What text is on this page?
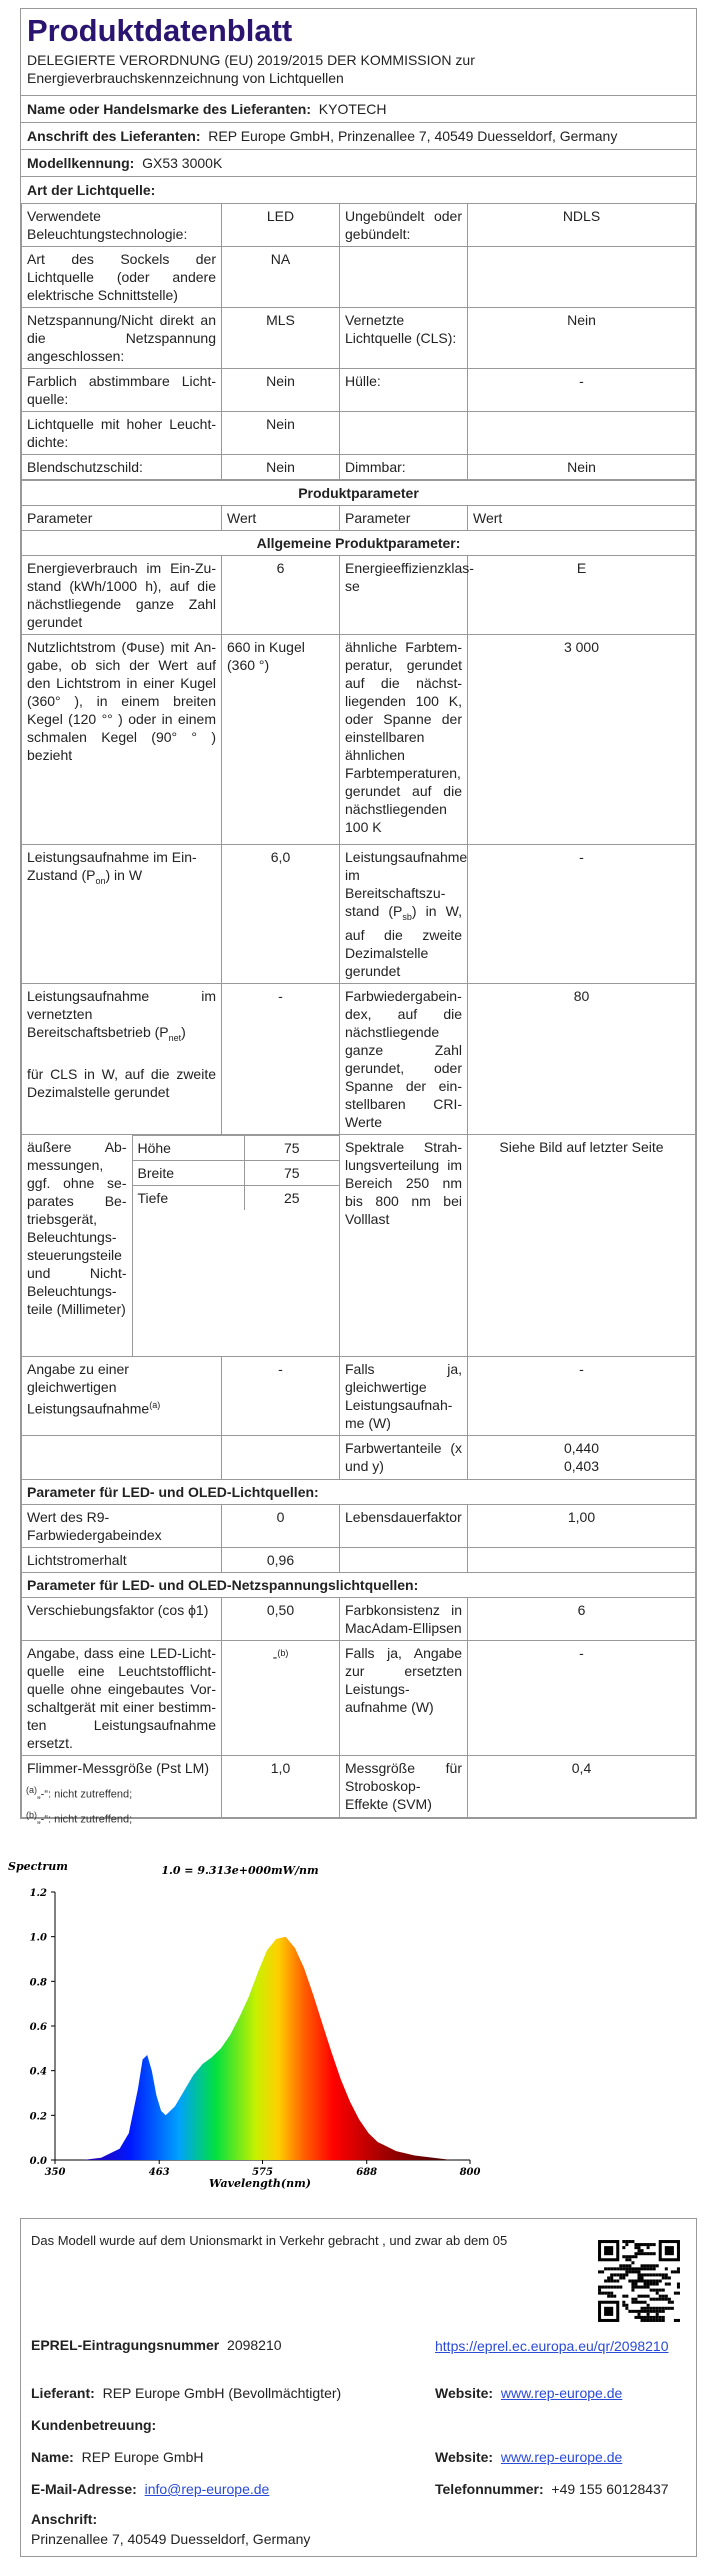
Produktdatenblatt
DELEGIERTE VERORDNUNG (EU) 2019/2015 DER KOMMISSION zur Energieverbrauchskennzeichnung von Lichtquellen
Name oder Handelsmarke des Lieferanten: KYOTECH
Anschrift des Lieferanten: REP Europe GmbH, Prinzenallee 7, 40549 Duesseldorf, Germany
Modellkennung: GX53 3000K
Art der Lichtquelle:
Verwendete Beleuchtungstechnologie:	LED	Ungebündelt oder gebündelt:	NDLS
Art des Sockels der Lichtquelle (oder andere elektrische Schnittstelle)	NA		
Netzspannung/Nicht direkt an die Netzspannung angeschlossen:	MLS	Vernetzte Lichtquelle (CLS):	Nein
Farblich abstimmbare Lichtquelle:	Nein	Hülle:	-
Lichtquelle mit hoher Leuchtdichte:	Nein		
Blendschutzschild:	Nein	Dimmbar:	Nein
Produktparameter
Parameter	Wert	Parameter	Wert
Allgemeine Produktparameter:
Energieverbrauch im Ein-Zustand (kWh/1000 h), auf die nächstliegende ganze Zahl gerundet	6	Energieeffizienzklasse	E
Nutzlichtstrom (Φuse) mit Angabe, ob sich der Wert auf den Lichtstrom in einer Kugel (360° ), in einem breiten Kegel (120 °° ) oder in einem schmalen Kegel (90° ° ) bezieht	660 in Kugel (360 °)	ähnliche Farbtemperatur, gerundet auf die nächstliegenden 100 K, oder Spanne der einstellbaren ähnlichen Farbtemperaturen, gerundet auf die nächstliegenden 100 K	3 000
Leistungsaufnahme im Ein-Zustand $(P_{on})$ in W	6,0	Leistungsaufnahme im Bereitschaftszustand $(P_{sb})$ in W, auf die zweite Dezimalstelle gerundet	-
Leistungsaufnahme im vernetzten Bereitschaftsbetrieb $(P_{net})$

für CLS in W, auf die zweite Dezimalstelle gerundet	-	Farbwiedergabeindex, auf die nächstliegende ganze Zahl gerundet, oder Spanne der einstellbaren CRI-Werte	80

äußere Abmessungen, ggf. ohne separates Betriebsgerät, Beleuchtungssteuerungsteile und Nicht-Beleuchtungsteile (Millimeter)	Höhe	75
Breite	75
Tiefe	25

	Spektrale Strahlungsverteilung im Bereich 250 nm bis 800 nm bei Volllast	Siehe Bild auf letzter Seite
Angabe zu einer gleichwertigen Leistungsaufnahme$^{(a)}$	-	Falls ja, gleichwertige Leistungsaufnahme (W)	-
		Farbwertanteile (x und y)	0,440
0,403
Parameter für LED- und OLED-Lichtquellen:
Wert des R9-Farbwiedergabeindex	0	Lebensdauerfaktor	1,00
Lichtstromerhalt	0,96		
Parameter für LED- und OLED-Netzspannungslichtquellen:
Verschiebungsfaktor (cos ϕ1)	0,50	Farbkonsistenz in MacAdam-Ellipsen	6
Angabe, dass eine LED-Lichtquelle eine Leuchtstofflichtquelle ohne eingebautes Vorschaltgerät mit einer bestimmten Leistungsaufnahme ersetzt.	-$^{(b)}$	Falls ja, Angabe zur ersetzten Leistungsaufnahme (W)	-
Flimmer-Messgröße (Pst LM)	1,0	Messgröße für Stroboskop-Effekte (SVM)	0,4
$^{(a)}$„-“: nicht zutreffend;
$^{(b)}$„-“: nicht zutreffend;
Spectrum	1.0 = 9.313e+000mW/nm
0.0
0.2
0.4
0.6
0.8
1.0
1.2
350	463	575	688	800
Wavelength(nm)
Das Modell wurde auf dem Unionsmarkt in Verkehr gebracht , und zwar ab dem 05
EPREL-Eintragungsnummer 2098210	https://eprel.ec.europa.eu/qr/2098210
Lieferant: REP Europe GmbH (Bevollmächtigter)	Website: www.rep-europe.de
Kundenbetreuung:
Name: REP Europe GmbH	Website: www.rep-europe.de
E-Mail-Adresse: info@rep-europe.de	Telefonnummer: +49 155 60128437
Anschrift:
Prinzenallee 7, 40549 Duesseldorf, Germany
